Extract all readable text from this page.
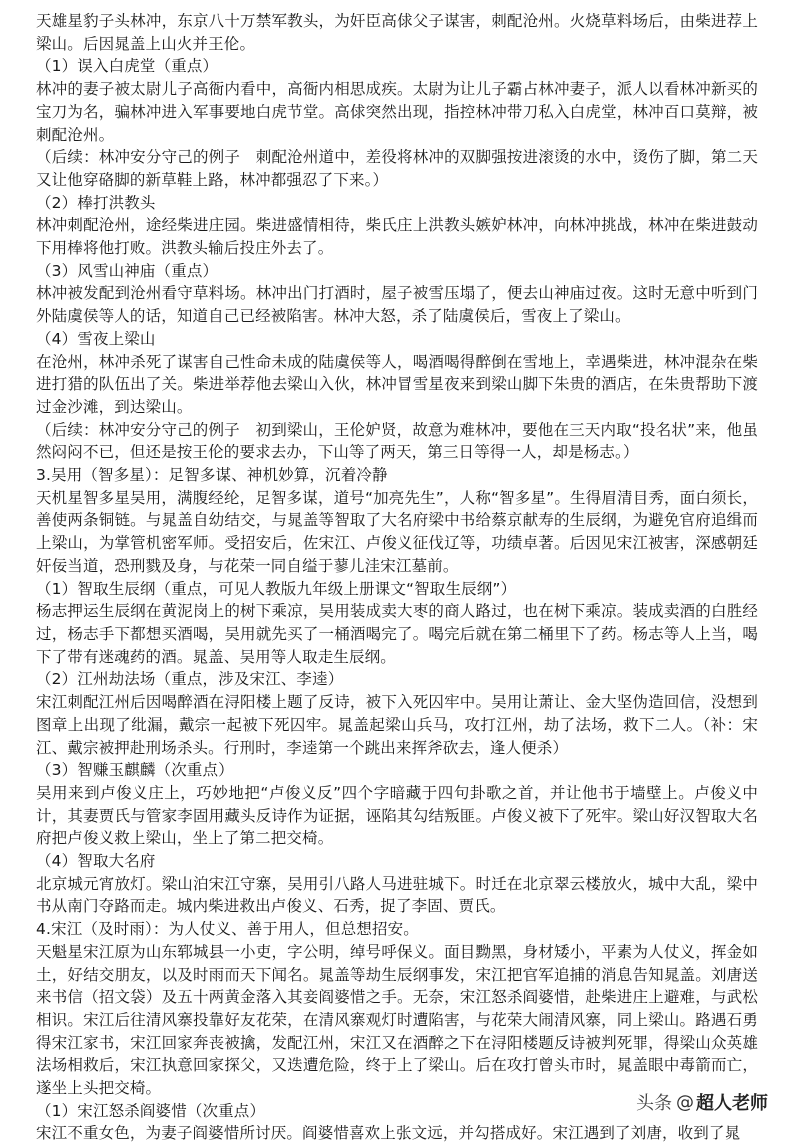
天雄星豹子头林冲，东京八十万禁军教头，为奸臣高俅父子谋害，刺配沧州。火烧草料场后，由柴进荐上梁山。后因晁盖上山火并王伦。

（1）误入白虎堂（重点）

林冲的妻子被太尉儿子高衙内看中，高衙内相思成疾。太尉为让儿子霸占林冲妻子，派人以看林冲新买的宝刀为名，骗林冲进入军事要地白虎节堂。高俅突然出现，指控林冲带刀私入白虎堂，林冲百口莫辩，被刺配沧州。

（后续：林冲安分守己的例子　刺配沧州道中，差役将林冲的双脚强按进滚烫的水中，烫伤了脚，第二天又让他穿硌脚的新草鞋上路，林冲都强忍了下来。）

（2）棒打洪教头

林冲刺配沧州，途经柴进庄园。柴进盛情相待，柴氏庄上洪教头嫉妒林冲，向林冲挑战，林冲在柴进鼓动下用棒将他打败。洪教头输后投庄外去了。

（3）风雪山神庙（重点）

林冲被发配到沧州看守草料场。林冲出门打酒时，屋子被雪压塌了，便去山神庙过夜。这时无意中听到门外陆虞侯等人的话，知道自己已经被陷害。林冲大怒，杀了陆虞侯后，雪夜上了梁山。

（4）雪夜上梁山

在沧州，林冲杀死了谋害自己性命未成的陆虞侯等人，喝酒喝得醉倒在雪地上，幸遇柴进，林冲混杂在柴进打猎的队伍出了关。柴进举荐他去梁山入伙，林冲冒雪星夜来到梁山脚下朱贵的酒店，在朱贵帮助下渡过金沙滩，到达梁山。

（后续：林冲安分守己的例子　初到梁山，王伦妒贤，故意为难林冲，要他在三天内取“投名状”来，他虽然闷闷不已，但还是按王伦的要求去办，下山等了两天，第三日等得一人，却是杨志。）

3.吴用（智多星）：足智多谋、神机妙算，沉着冷静

天机星智多星吴用，满腹经纶，足智多谋，道号“加亮先生”，人称“智多星”。生得眉清目秀，面白须长，善使两条铜链。与晁盖自幼结交，与晁盖等智取了大名府梁中书给蔡京献寿的生辰纲，为避免官府追缉而上梁山，为掌管机密军师。受招安后，佐宋江、卢俊义征伐辽等，功绩卓著。后因见宋江被害，深感朝廷奸佞当道，恐刑戮及身，与花荣一同自缢于蓼儿洼宋江墓前。

（1）智取生辰纲（重点，可见人教版九年级上册课文“智取生辰纲”）

杨志押运生辰纲在黄泥岗上的树下乘凉，吴用装成卖大枣的商人路过，也在树下乘凉。装成卖酒的白胜经过，杨志手下都想买酒喝，吴用就先买了一桶酒喝完了。喝完后就在第二桶里下了药。杨志等人上当，喝下了带有迷魂药的酒。晁盖、吴用等人取走生辰纲。

（2）江州劫法场（重点，涉及宋江、李逵）

宋江刺配江州后因喝醉酒在浔阳楼上题了反诗，被下入死囚牢中。吴用让萧让、金大坚伪造回信，没想到图章上出现了纰漏，戴宗一起被下死囚牢。晁盖起梁山兵马，攻打江州，劫了法场，救下二人。（补：宋江、戴宗被押赴刑场杀头。行刑时，李逵第一个跳出来挥斧砍去，逢人便杀）

（3）智赚玉麒麟（次重点）

吴用来到卢俊义庄上，巧妙地把“卢俊义反”四个字暗藏于四句卦歌之首，并让他书于墙壁上。卢俊义中计，其妻贾氏与管家李固用藏头反诗作为证据，诬陷其勾结叛匪。卢俊义被下了死牢。梁山好汉智取大名府把卢俊义救上梁山，坐上了第二把交椅。

（4）智取大名府

北京城元宵放灯。梁山泊宋江守寨，吴用引八路人马进驻城下。时迁在北京翠云楼放火，城中大乱，梁中书从南门夺路而走。城内柴进救出卢俊义、石秀，捉了李固、贾氏。

4.宋江（及时雨）：为人仗义、善于用人，但总想招安。

天魁星宋江原为山东郓城县一小吏，字公明，绰号呼保义。面目黝黑，身材矮小，平素为人仗义，挥金如土，好结交朋友，以及时雨而天下闻名。晁盖等劫生辰纲事发，宋江把官军追捕的消息告知晁盖。刘唐送来书信（招文袋）及五十两黄金落入其妾阎婆惜之手。无奈，宋江怒杀阎婆惜，赴柴进庄上避难，与武松相识。宋江后往清风寨投靠好友花荣，在清风寨观灯时遭陷害，与花荣大闹清风寨，同上梁山。路遇石勇得宋江家书，宋江回家奔丧被擒，发配江州，宋江又在酒醉之下在浔阳楼题反诗被判死罪，得梁山众英雄法场相救后，宋江执意回家探父，又迭遭危险，终于上了梁山。后在攻打曾头市时，晁盖眼中毒箭而亡，遂坐上头把交椅。

（1）宋江怒杀阎婆惜（次重点）

宋江不重女色，为妻子阎婆惜所讨厌。阎婆惜喜欢上张文远，并勾搭成好。宋江遇到了刘唐，收到了晁

头条 @ 超人老师
